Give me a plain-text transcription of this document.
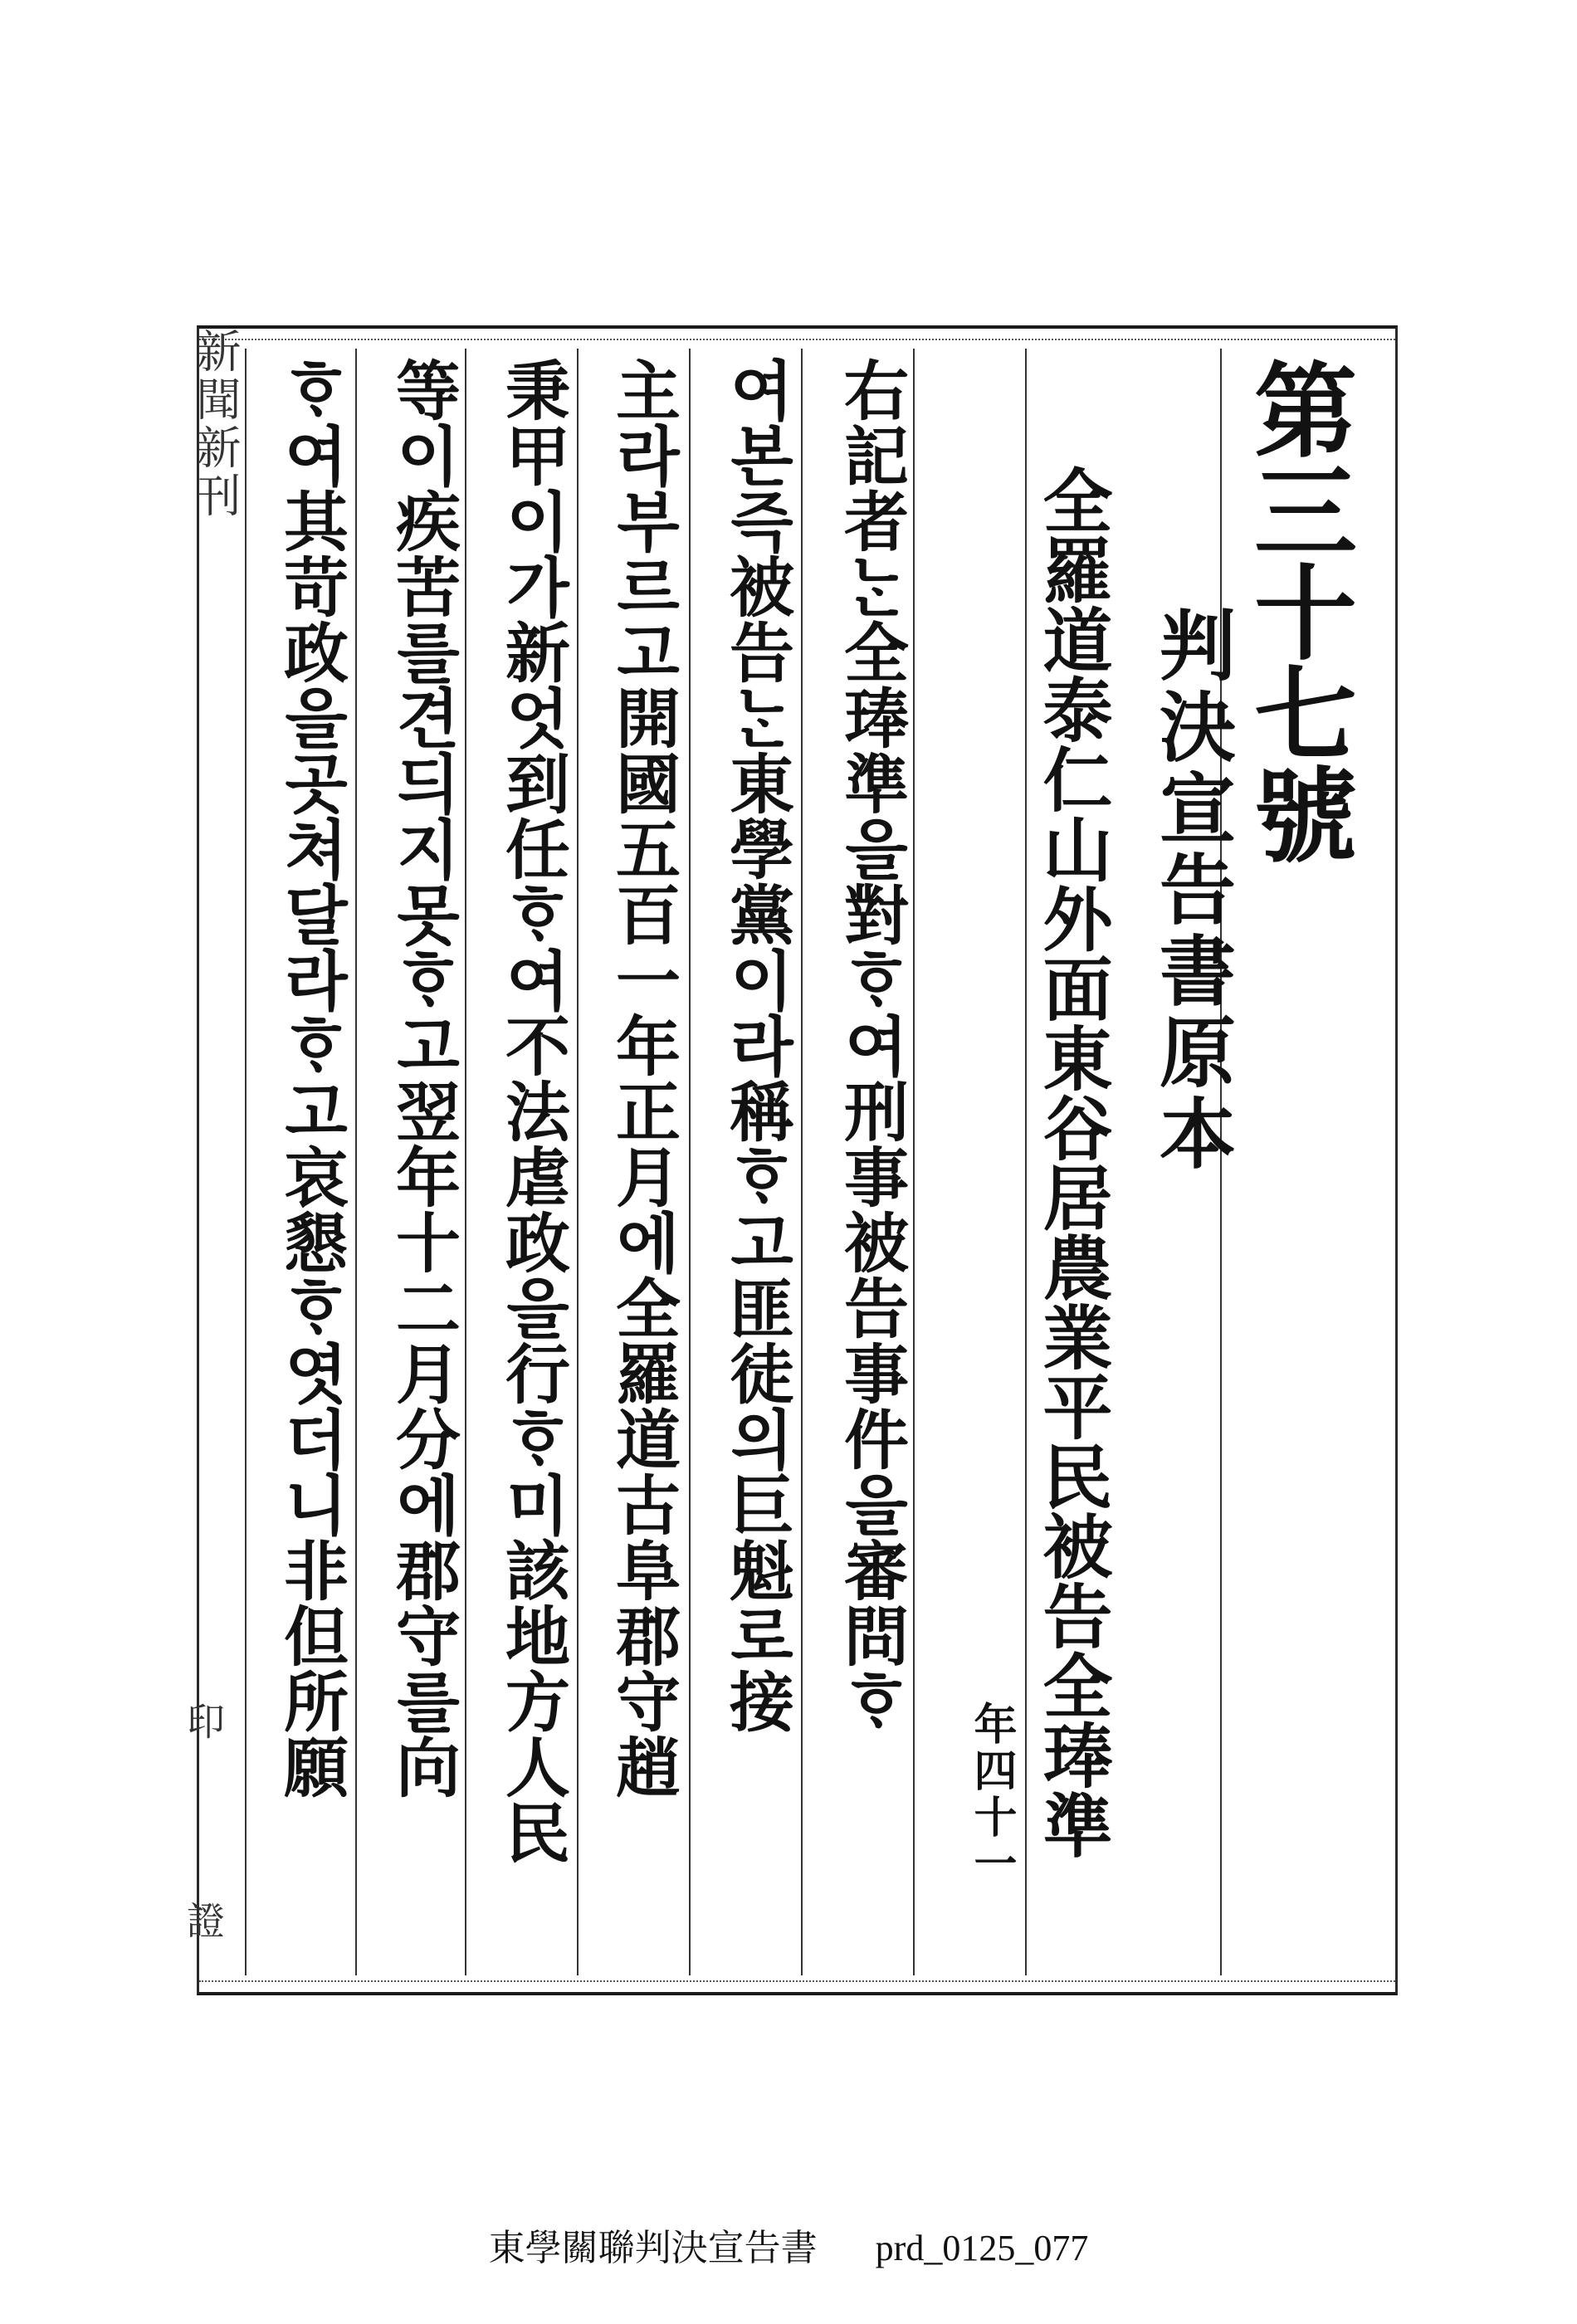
第三十七號
判決宣告書原本
全羅道泰仁山外面東谷居農業平民被告全琫準
年四十一
右記者ᄂᆞᆫ全琫準을對ᄒᆞ여刑事被告事件을審問ᄒᆞ
여본즉被告ᄂᆞᆫ東學黨이라稱ᄒᆞ고匪徒의巨魁로接
主라부르고開國五百一年正月에全羅道古阜郡守趙
秉甲이가新엇到任ᄒᆞ여不法虐政을行ᄒᆞ미該地方人民
等이疾苦를견듸지못ᄒᆞ고翌年十二月分에郡守를向
ᄒᆞ여其苛政을곳쳐달라ᄒᆞ고哀懇ᄒᆞ엿더니非但所願
新聞新刊
印
證
東學關聯判決宣告書 prd_0125_077
